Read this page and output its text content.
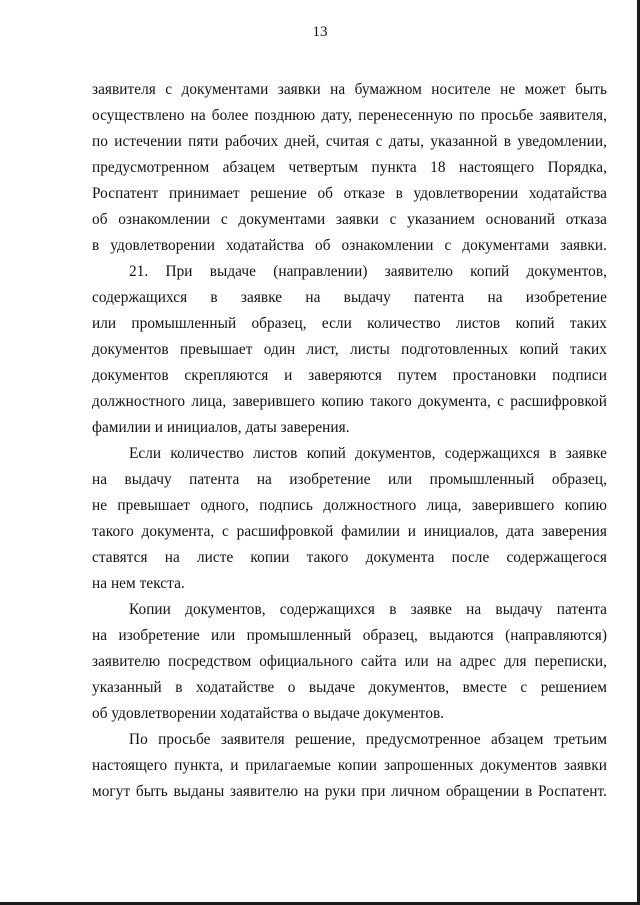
13

заявителя с документами заявки на бумажном носителе не может быть
осуществлено на более позднюю дату, перенесенную по просьбе заявителя,
по истечении пяти рабочих дней, считая с даты, указанной в уведомлении,
предусмотренном абзацем четвертым пункта 18 настоящего Порядка,
Роспатент принимает решение об отказе в удовлетворении ходатайства
об ознакомлении с документами заявки с указанием оснований отказа
в удовлетворении ходатайства об ознакомлении с документами заявки.

21. При выдаче (направлении) заявителю копий документов,
содержащихся в заявке на выдачу патента на изобретение
или промышленный образец, если количество листов копий таких
документов превышает один лист, листы подготовленных копий таких
документов скрепляются и заверяются путем простановки подписи
должностного лица, заверившего копию такого документа, с расшифровкой
фамилии и инициалов, даты заверения.

Если количество листов копий документов, содержащихся в заявке
на выдачу патента на изобретение или промышленный образец,
не превышает одного, подпись должностного лица, заверившего копию
такого документа, с расшифровкой фамилии и инициалов, дата заверения
ставятся на листе копии такого документа после содержащегося
на нем текста.

Копии документов, содержащихся в заявке на выдачу патента
на изобретение или промышленный образец, выдаются (направляются)
заявителю посредством официального сайта или на адрес для переписки,
указанный в ходатайстве о выдаче документов, вместе с решением
об удовлетворении ходатайства о выдаче документов.

По просьбе заявителя решение, предусмотренное абзацем третьим
настоящего пункта, и прилагаемые копии запрошенных документов заявки
могут быть выданы заявителю на руки при личном обращении в Роспатент.
